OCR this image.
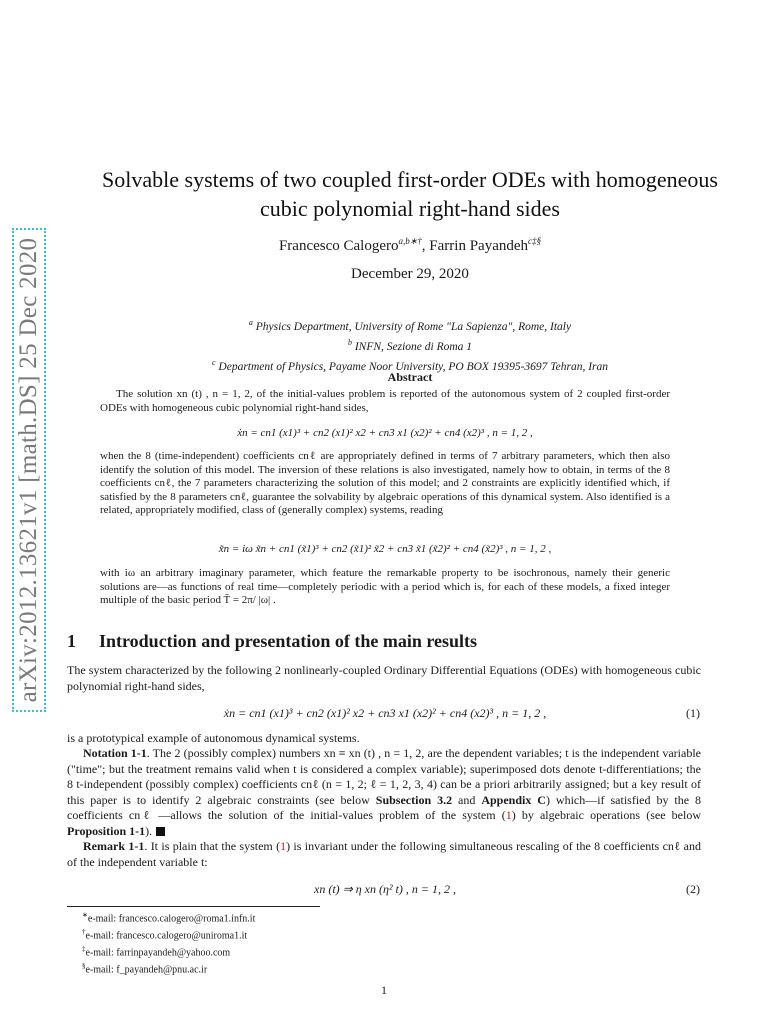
arXiv:2012.13621v1 [math.DS] 25 Dec 2020
Solvable systems of two coupled first-order ODEs with homogeneous
cubic polynomial right-hand sides
Francesco Calogero$^{a,b∗\dagger}$, Farrin Payandeh$^{c\ddagger\S}$
December 29, 2020
$^a$ Physics Department, University of Rome "La Sapienza", Rome, Italy
$^b$ INFN, Sezione di Roma 1
$^c$ Department of Physics, Payame Noor University, PO BOX 19395-3697 Tehran, Iran
Abstract

The solution xn (t) , n = 1, 2, of the initial-values problem is reported of the autonomous system of 2 coupled first-order ODEs with homogeneous cubic polynomial right-hand sides,

ẋn = cn1 (x1)³ + cn2 (x1)² x2 + cn3 x1 (x2)² + cn4 (x2)³ , n = 1, 2 ,

when the 8 (time-independent) coefficients cnℓ are appropriately defined in terms of 7 arbitrary parameters, which then also identify the solution of this model. The inversion of these relations is also investigated, namely how to obtain, in terms of the 8 coefficients cnℓ, the 7 parameters characterizing the solution of this model; and 2 constraints are explicitly identified which, if satisfied by the 8 parameters cnℓ, guarantee the solvability by algebraic operations of this dynamical system. Also identified is a related, appropriately modified, class of (generally complex) systems, reading

x̃̇n = iω x̃n + cn1 (x̃1)³ + cn2 (x̃1)² x̃2 + cn3 x̃1 (x̃2)² + cn4 (x̃2)³ , n = 1, 2 ,

with iω an arbitrary imaginary parameter, which feature the remarkable property to be isochronous, namely their generic solutions are—as functions of real time—completely periodic with a period which is, for each of these models, a fixed integer multiple of the basic period T̃ = 2π/ |ω| .

1 Introduction and presentation of the main results

The system characterized by the following 2 nonlinearly-coupled Ordinary Differential Equations (ODEs) with homogeneous cubic polynomial right-hand sides,

ẋn = cn1 (x1)³ + cn2 (x1)² x2 + cn3 x1 (x2)² + cn4 (x2)³ , n = 1, 2 ,	(1)

is a prototypical example of autonomous dynamical systems.

Notation 1-1. The 2 (possibly complex) numbers xn ≡ xn (t) , n = 1, 2, are the dependent variables; t is the independent variable ("time"; but the treatment remains valid when t is considered a complex variable); superimposed dots denote t-differentiations; the 8 t-independent (possibly complex) coefficients cnℓ (n = 1, 2; ℓ = 1, 2, 3, 4) can be a priori arbitrarily assigned; but a key result of this paper is to identify 2 algebraic constraints (see below Subsection 3.2 and Appendix C) which—if satisfied by the 8 coefficients cnℓ —allows the solution of the initial-values problem of the system (1) by algebraic operations (see below Proposition 1-1).

Remark 1-1. It is plain that the system (1) is invariant under the following simultaneous rescaling of the 8 coefficients cnℓ and of the independent variable t:

xn (t) ⇒ η xn (η² t) , n = 1, 2 ,	(2)
∗e-mail: francesco.calogero@roma1.infn.it
†e-mail: francesco.calogero@uniroma1.it
‡e-mail: farrinpayandeh@yahoo.com
§e-mail: f_payandeh@pnu.ac.ir
1
